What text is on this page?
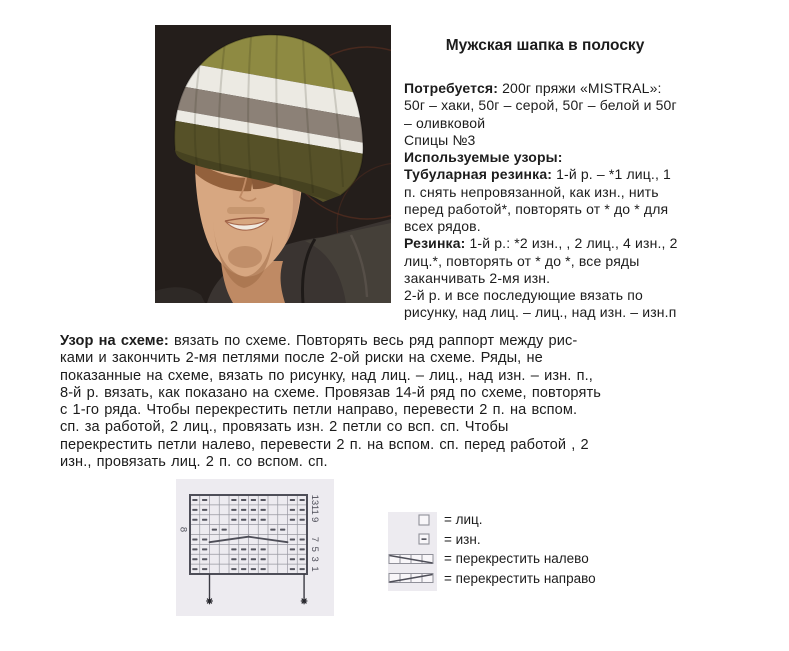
Мужская шапка в полоску
Потребуется: 200г пряжи «MISTRAL»:
50г – хаки, 50г – серой, 50г – белой и 50г
– оливковой
Спицы №3
Используемые узоры:
Тубуларная резинка: 1-й р. – *1 лиц., 1
п. снять непровязанной, как изн., нить
перед работой*, повторять от * до * для
всех рядов.
Резинка: 1-й р.: *2 изн., , 2 лиц., 4 изн., 2
лиц.*, повторять от * до *, все ряды
заканчивать 2-мя изн.
2-й р. и все последующие вязать по
рисунку, над лиц. – лиц., над изн. – изн.п
Узор на схеме: вязать по схеме. Повторять весь ряд раппорт между рис-
ками и закончить 2-мя петлями после 2-ой риски на схеме. Ряды, не
показанные на схеме, вязать по рисунку, над лиц. – лиц., над изн. – изн. п.,
8-й р. вязать, как показано на схеме. Провязав 14-й ряд по схеме, повторять
с 1-го ряда. Чтобы перекрестить петли направо, перевести 2 п. на вспом.
сп. за работой, 2 лиц., провязать изн. 2 петли со всп. сп. Чтобы
перекрестить петли налево, перевести 2 п. на вспом. сп. перед работой , 2
изн., провязать лиц. 2 п. со вспом. сп.
13
11
9
8
7
5
3
1
= лиц.
= изн.
= перекрестить налево
= перекрестить направо
